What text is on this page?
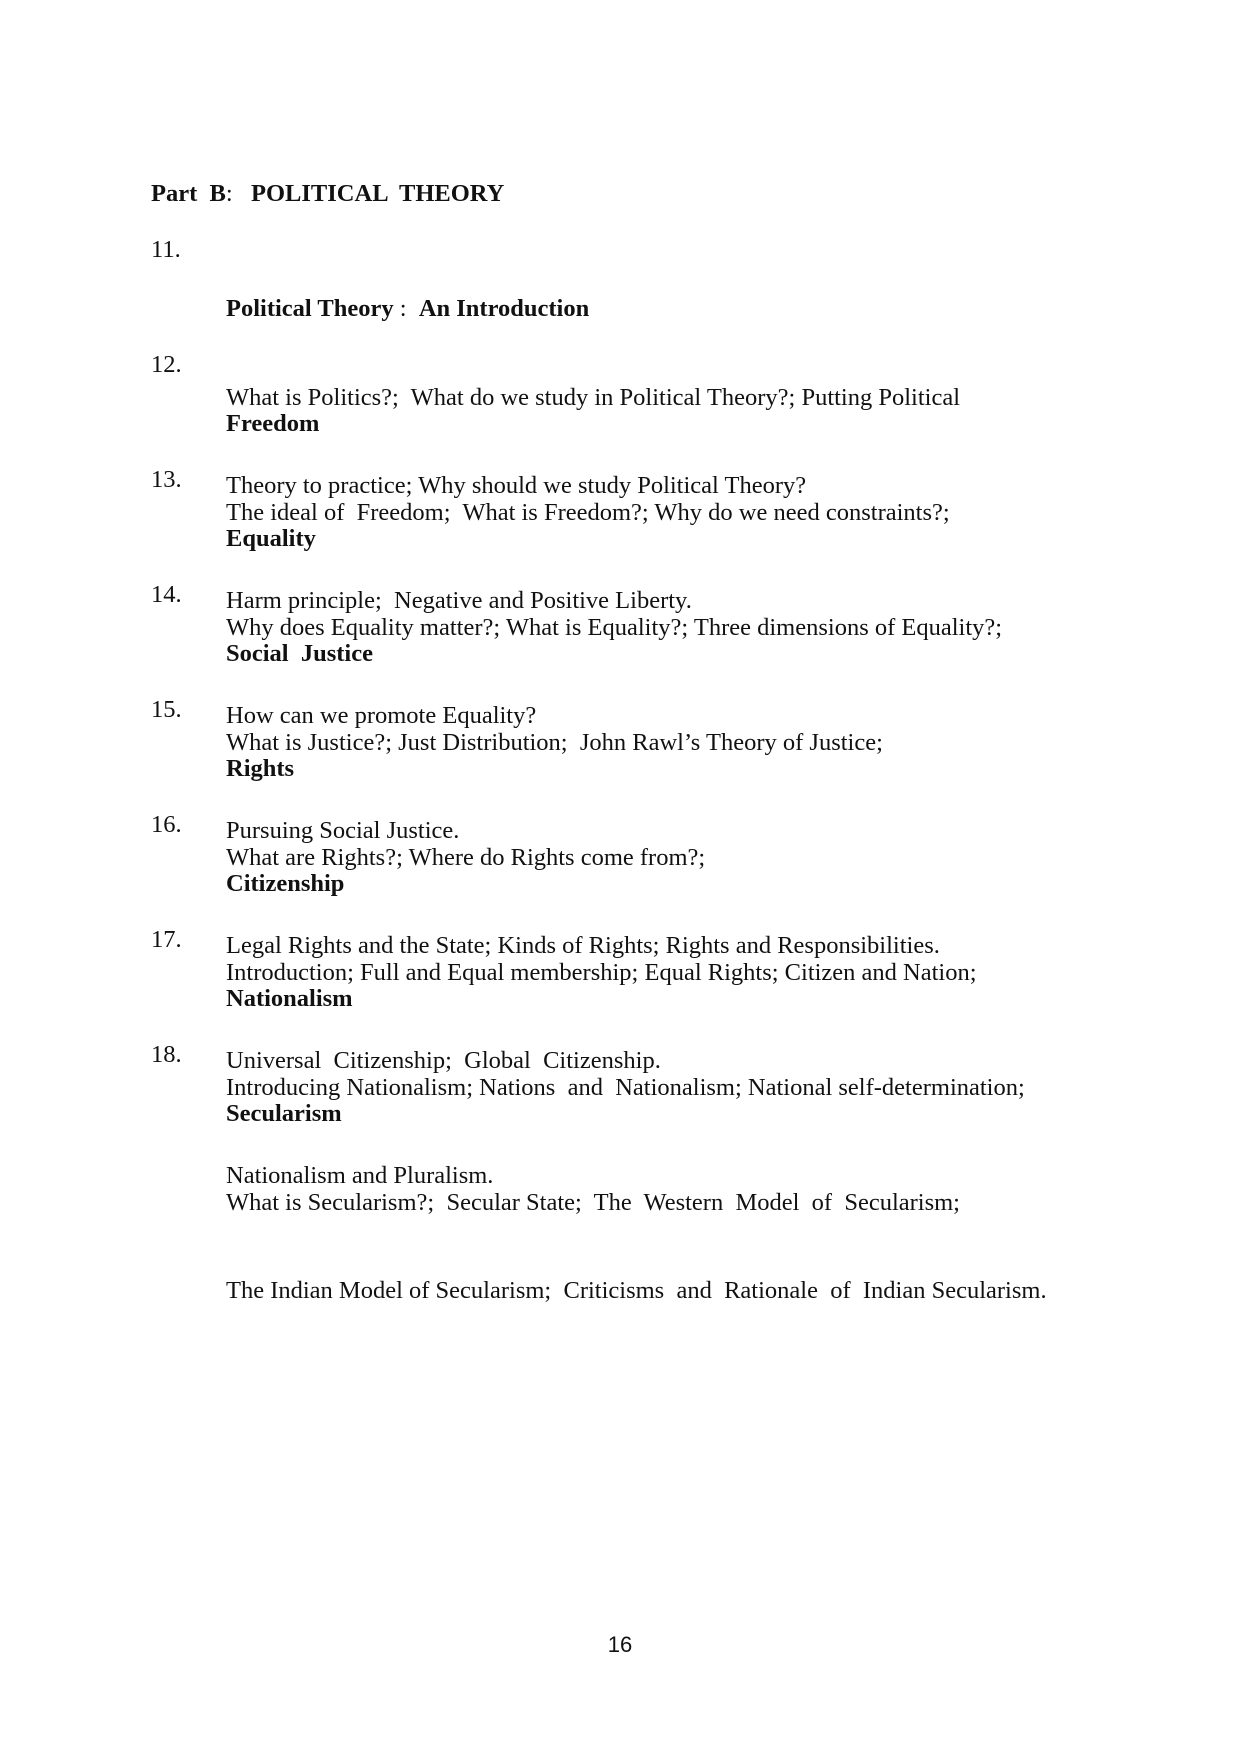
Part  B: POLITICAL  THEORY
11.

Political Theory :  An Introduction

What is Politics?;  What do we study in Political Theory?; Putting Political

Theory to practice; Why should we study Political Theory?

12.

Freedom

The ideal of  Freedom;  What is Freedom?; Why do we need constraints?;

Harm principle;  Negative and Positive Liberty.

13.

Equality

Why does Equality matter?; What is Equality?; Three dimensions of Equality?;

How can we promote Equality?

14.

Social  Justice

What is Justice?; Just Distribution;  John Rawl’s Theory of Justice;

Pursuing Social Justice.

15.

Rights

What are Rights?; Where do Rights come from?;

Legal Rights and the State; Kinds of Rights; Rights and Responsibilities.

16.

Citizenship

Introduction; Full and Equal membership; Equal Rights; Citizen and Nation;

Universal  Citizenship;  Global  Citizenship.

17.

Nationalism

Introducing Nationalism; Nations  and  Nationalism; National self-determination;

Nationalism and Pluralism.

18.

Secularism

What is Secularism?;  Secular State;  The  Western  Model  of  Secularism;

The Indian Model of Secularism;  Criticisms  and  Rationale  of  Indian Secularism.

16
